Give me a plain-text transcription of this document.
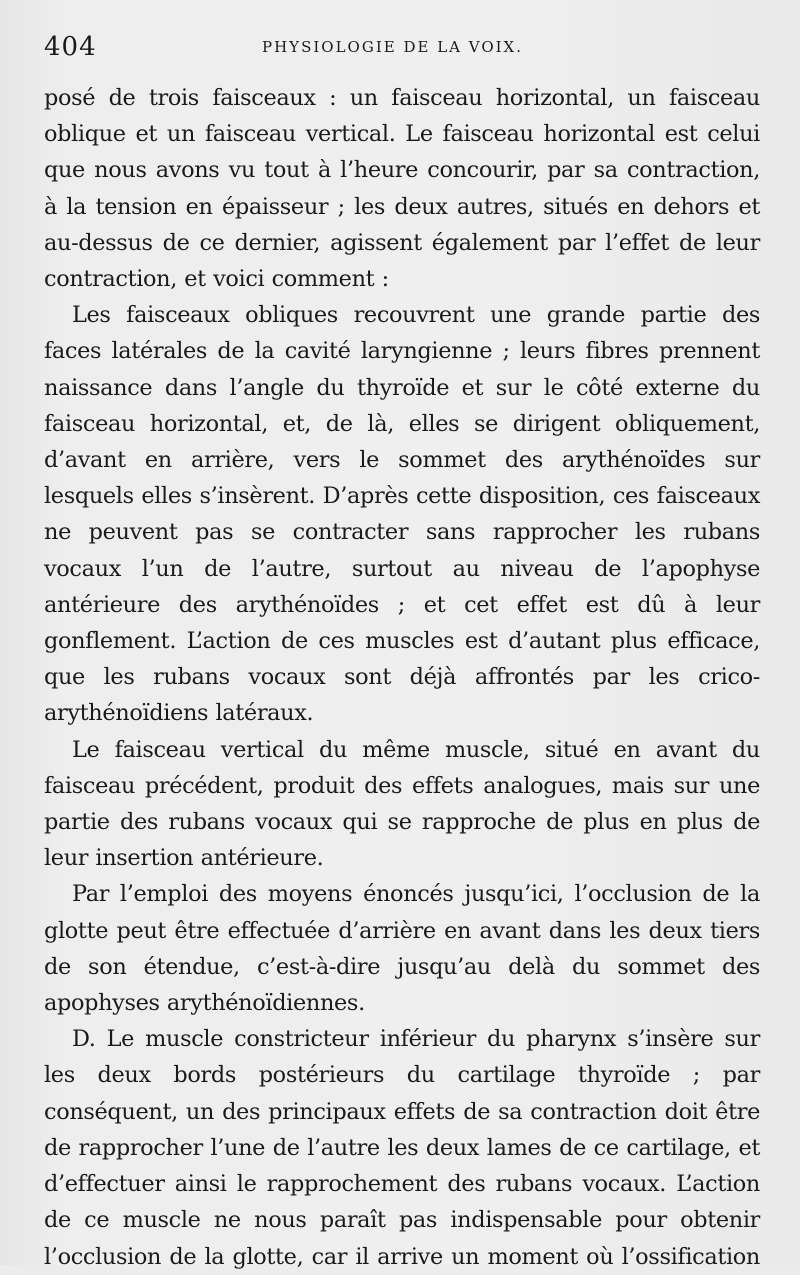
404	PHYSIOLOGIE DE LA VOIX.

posé de trois faisceaux : un faisceau horizontal, un faisceau oblique et un faisceau vertical. Le faisceau horizontal est celui que nous avons vu tout à l’heure concourir, par sa contraction, à la tension en épaisseur ; les deux autres, situés en dehors et au-dessus de ce dernier, agissent également par l’effet de leur contraction, et voici comment :

Les faisceaux obliques recouvrent une grande partie des faces latérales de la cavité laryngienne ; leurs fibres prennent naissance dans l’angle du thyroïde et sur le côté externe du faisceau horizontal, et, de là, elles se dirigent obliquement, d’avant en arrière, vers le sommet des arythénoïdes sur lesquels elles s’insèrent. D’après cette disposition, ces faisceaux ne peuvent pas se contracter sans rapprocher les rubans vocaux l’un de l’autre, surtout au niveau de l’apophyse antérieure des arythénoïdes ; et cet effet est dû à leur gonflement. L’action de ces muscles est d’autant plus efficace, que les rubans vocaux sont déjà affrontés par les crico-arythénoïdiens latéraux.

Le faisceau vertical du même muscle, situé en avant du faisceau précédent, produit des effets analogues, mais sur une partie des rubans vocaux qui se rapproche de plus en plus de leur insertion antérieure.

Par l’emploi des moyens énoncés jusqu’ici, l’occlusion de la glotte peut être effectuée d’arrière en avant dans les deux tiers de son étendue, c’est-à-dire jusqu’au delà du sommet des apophyses arythénoïdiennes.

D. Le muscle constricteur inférieur du pharynx s’insère sur les deux bords postérieurs du cartilage thyroïde ; par conséquent, un des principaux effets de sa contraction doit être de rapprocher l’une de l’autre les deux lames de ce cartilage, et d’effectuer ainsi le rapprochement des rubans vocaux. L’action de ce muscle ne nous paraît pas indispensable pour obtenir l’occlusion de la glotte, car il arrive un moment où l’ossification
